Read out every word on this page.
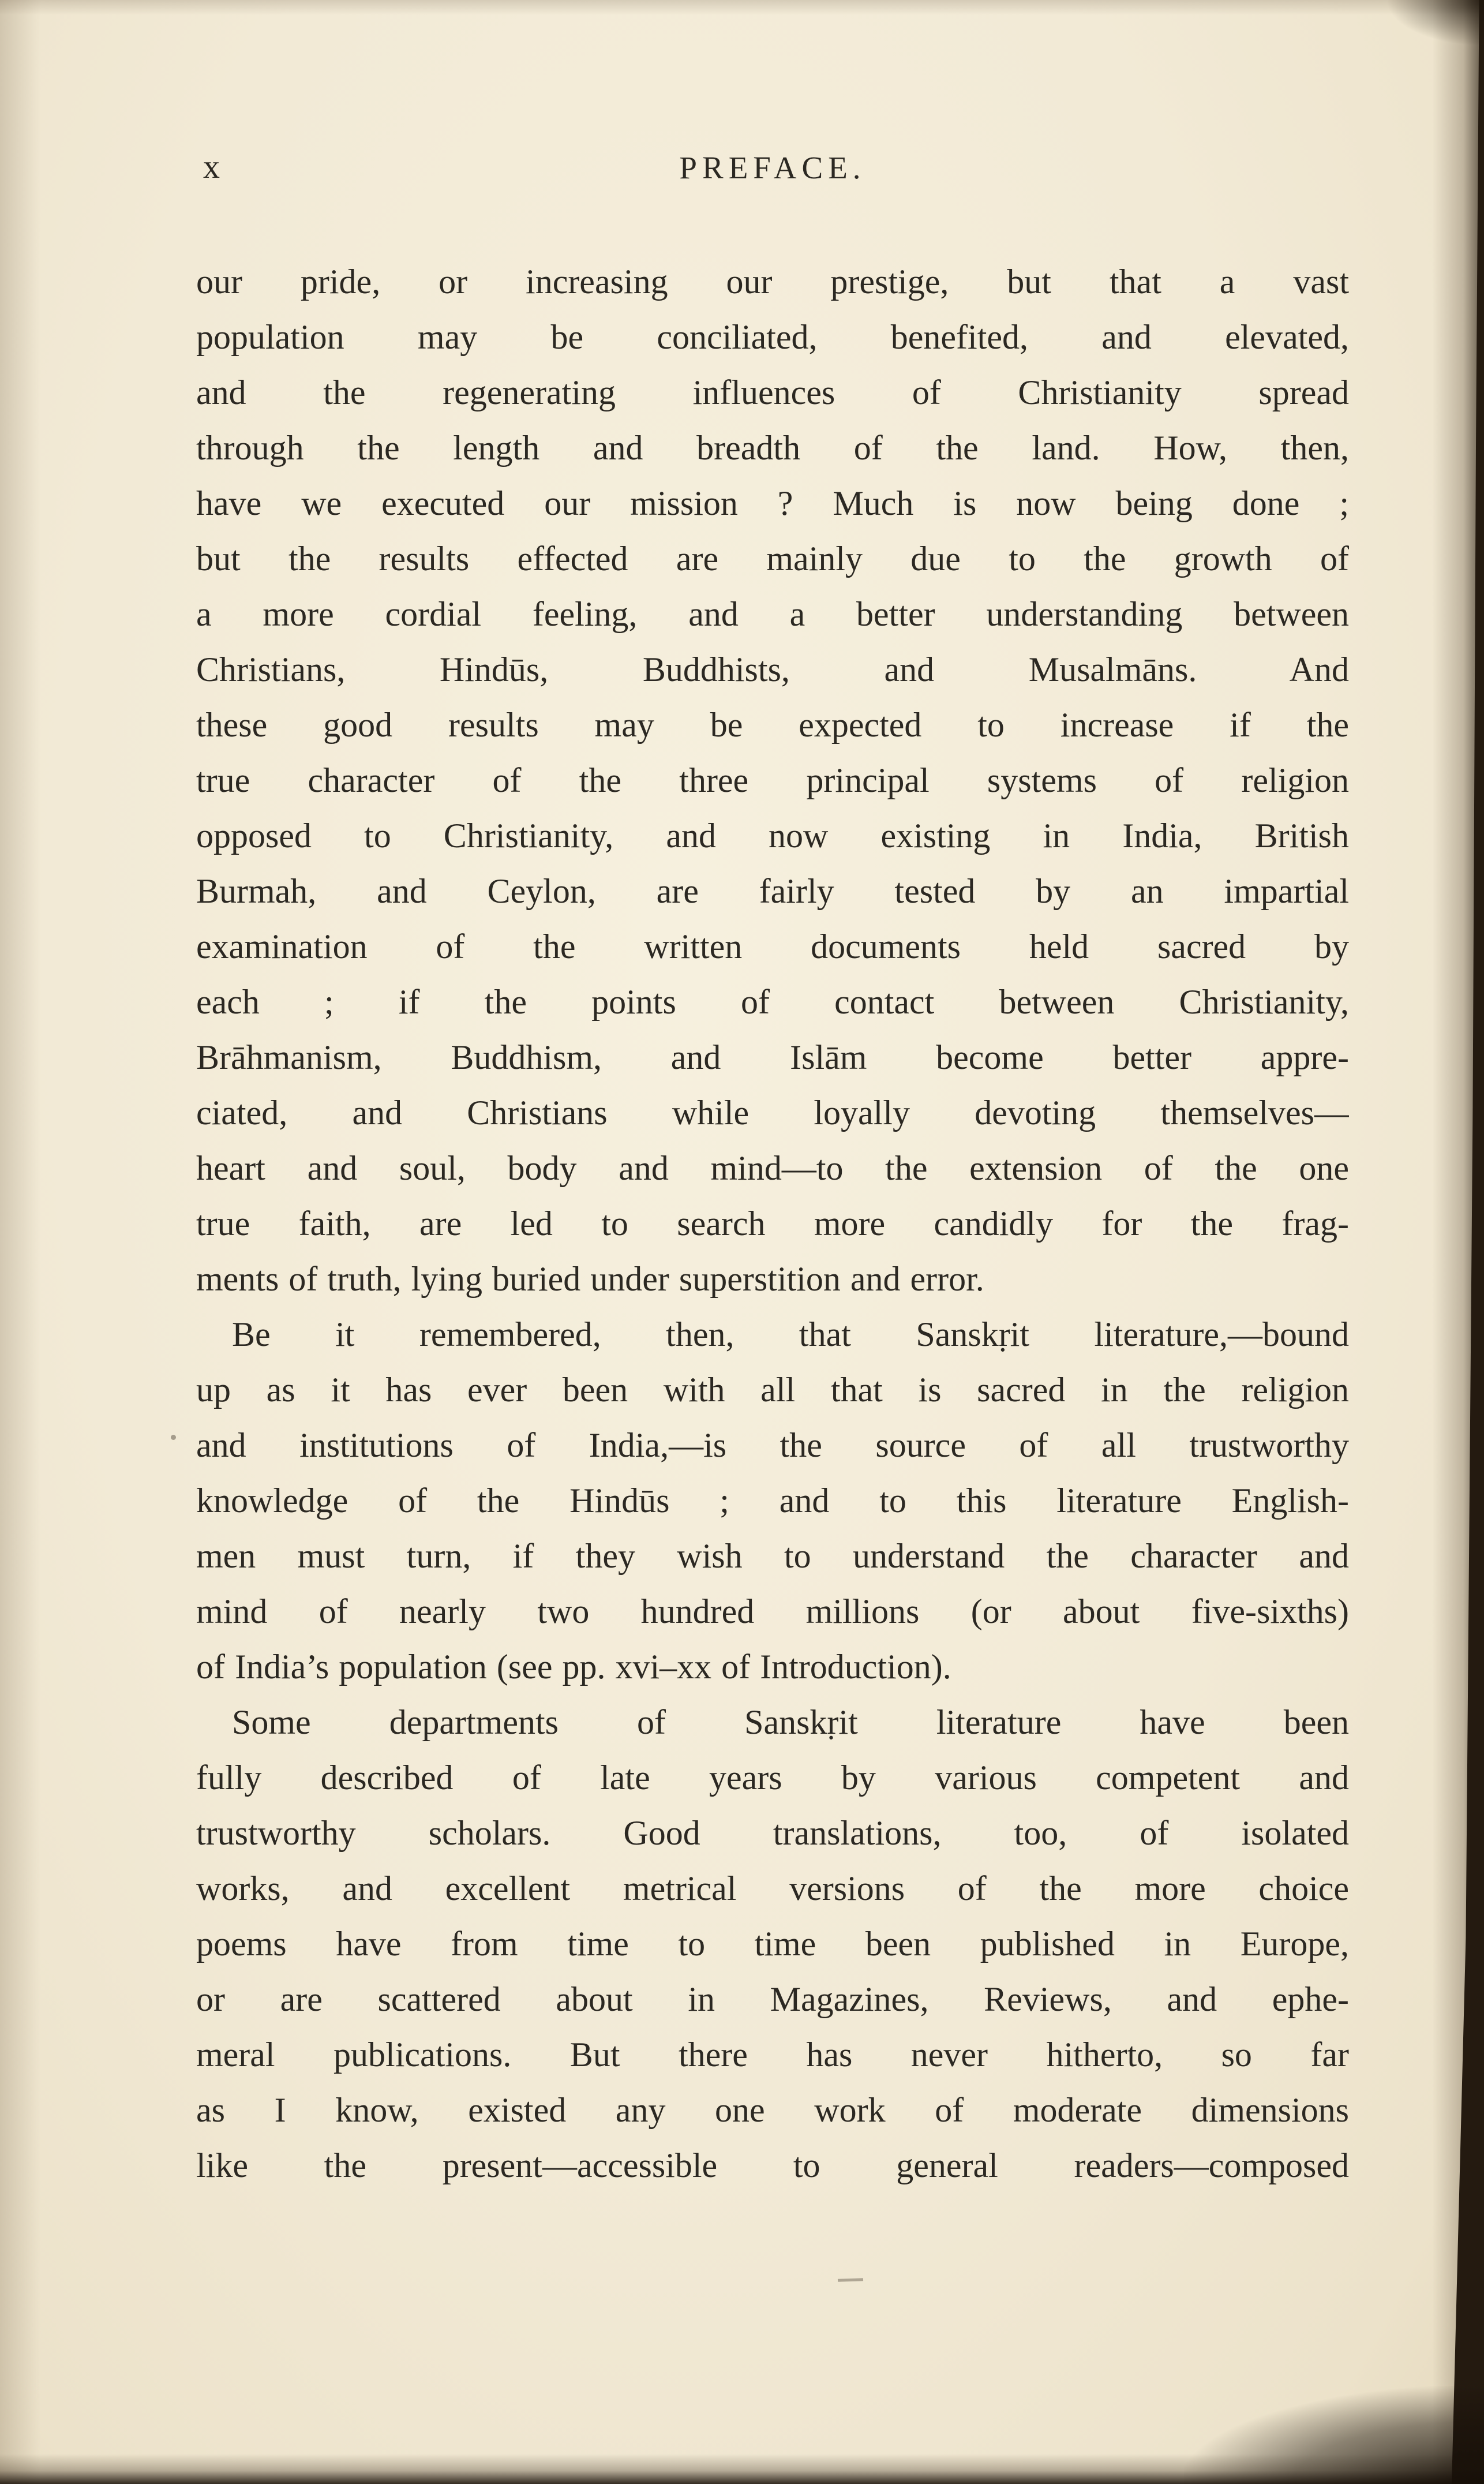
x	PREFACE.
our pride, or increasing our prestige, but that a vast
population may be conciliated, benefited, and elevated,
and the regenerating influences of Christianity spread
through the length and breadth of the land. How, then,
have we executed our mission ? Much is now being done ;
but the results effected are mainly due to the growth of
a more cordial feeling, and a better understanding between
Christians, Hindūs, Buddhists, and Musalmāns. And
these good results may be expected to increase if the
true character of the three principal systems of religion
opposed to Christianity, and now existing in India, British
Burmah, and Ceylon, are fairly tested by an impartial
examination of the written documents held sacred by
each ; if the points of contact between Christianity,
Brāhmanism, Buddhism, and Islām become better appre-
ciated, and Christians while loyally devoting themselves—
heart and soul, body and mind—to the extension of the one
true faith, are led to search more candidly for the frag-
ments of truth, lying buried under superstition and error.
Be it remembered, then, that Sanskṛit literature,—bound
up as it has ever been with all that is sacred in the religion
and institutions of India,—is the source of all trustworthy
knowledge of the Hindūs ; and to this literature English-
men must turn, if they wish to understand the character and
mind of nearly two hundred millions (or about five-sixths)
of India’s population (see pp. xvi–xx of Introduction).
Some departments of Sanskṛit literature have been
fully described of late years by various competent and
trustworthy scholars. Good translations, too, of isolated
works, and excellent metrical versions of the more choice
poems have from time to time been published in Europe,
or are scattered about in Magazines, Reviews, and ephe-
meral publications. But there has never hitherto, so far
as I know, existed any one work of moderate dimensions
like the present—accessible to general readers—composed
